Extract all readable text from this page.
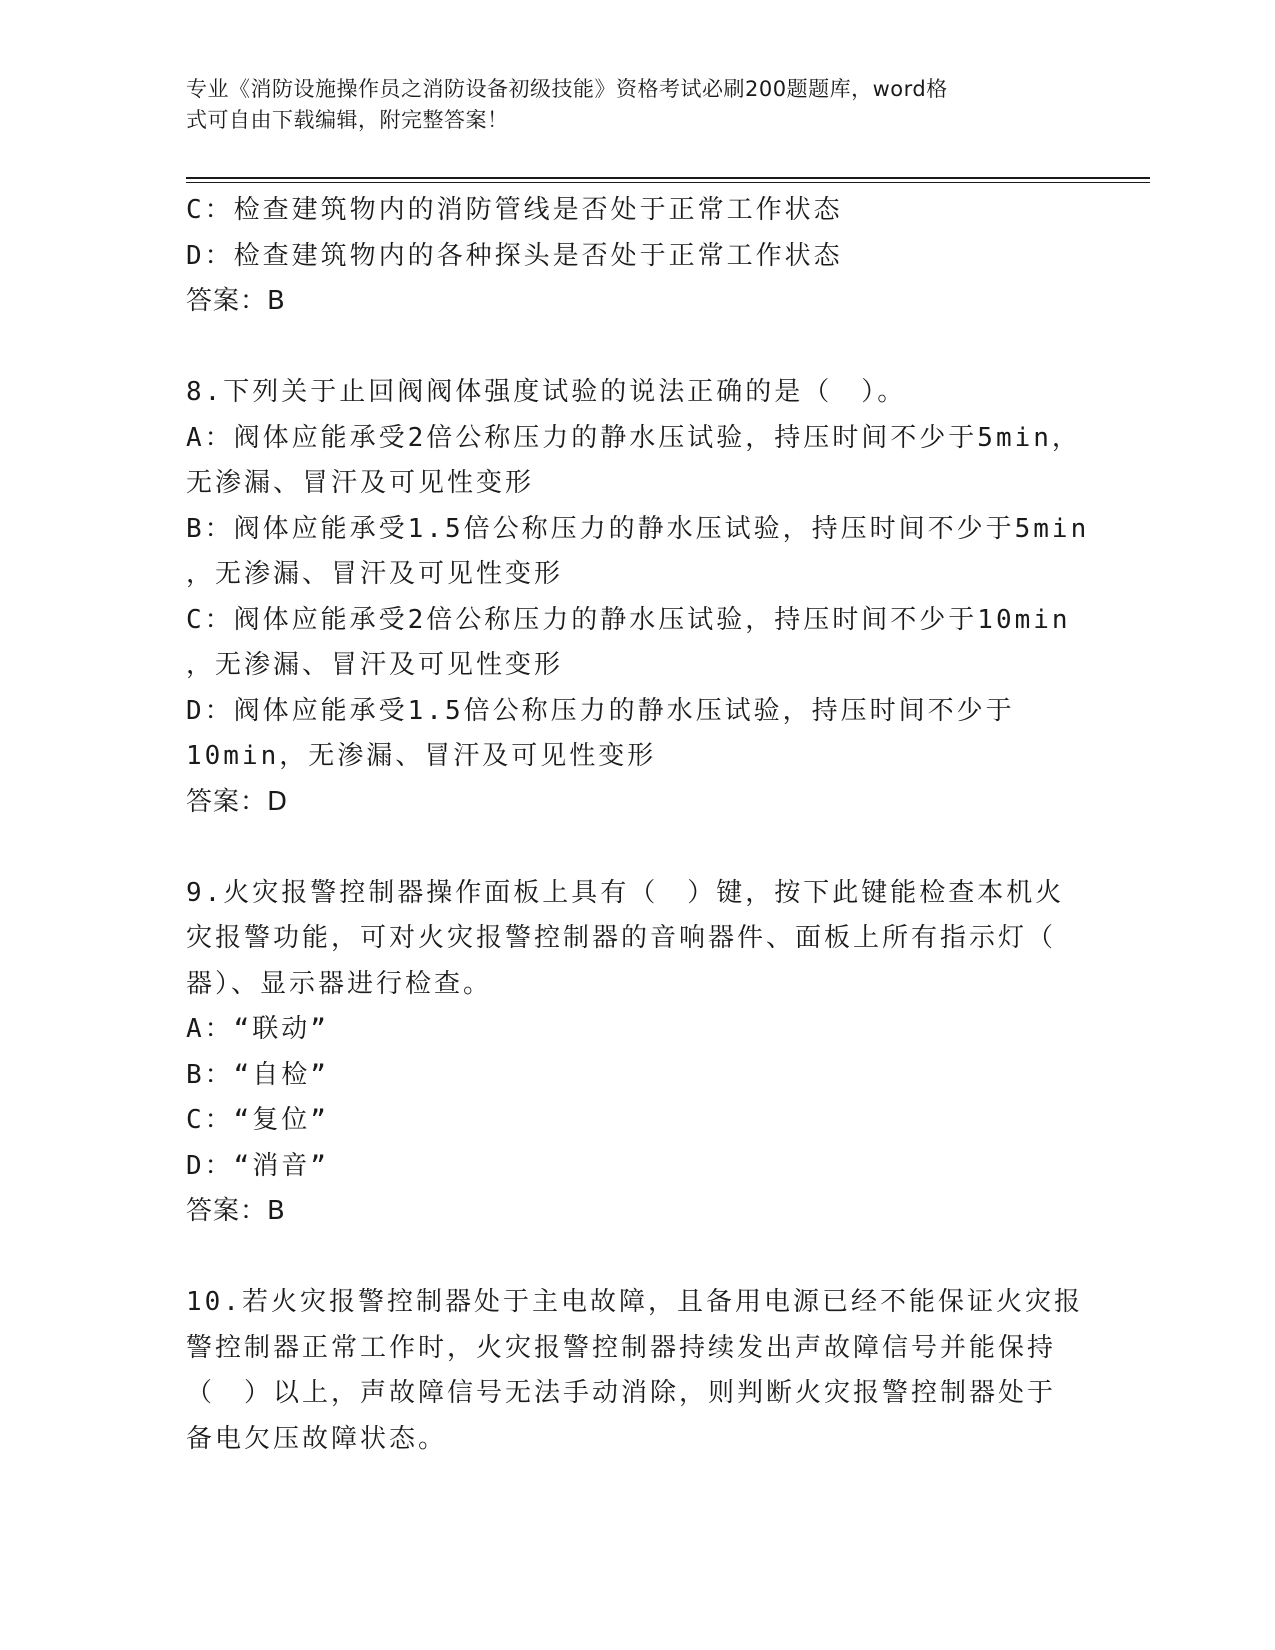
专业《消防设施操作员之消防设备初级技能》资格考试必刷200题题库，word格
式可自由下载编辑，附完整答案！
C：检查建筑物内的消防管线是否处于正常工作状态
D：检查建筑物内的各种探头是否处于正常工作状态
答案：B
8.下列关于止回阀阀体强度试验的说法正确的是（　）。
A：阀体应能承受2倍公称压力的静水压试验，持压时间不少于5min，
无渗漏、冒汗及可见性变形
B：阀体应能承受1.5倍公称压力的静水压试验，持压时间不少于5min
，无渗漏、冒汗及可见性变形
C：阀体应能承受2倍公称压力的静水压试验，持压时间不少于10min
，无渗漏、冒汗及可见性变形
D：阀体应能承受1.5倍公称压力的静水压试验，持压时间不少于
10min，无渗漏、冒汗及可见性变形
答案：D
9.火灾报警控制器操作面板上具有（　）键，按下此键能检查本机火
灾报警功能，可对火灾报警控制器的音响器件、面板上所有指示灯（
器）、显示器进行检查。
A：“联动”
B：“自检”
C：“复位”
D：“消音”
答案：B
10.若火灾报警控制器处于主电故障，且备用电源已经不能保证火灾报
警控制器正常工作时，火灾报警控制器持续发出声故障信号并能保持
（　）以上，声故障信号无法手动消除，则判断火灾报警控制器处于
备电欠压故障状态。
